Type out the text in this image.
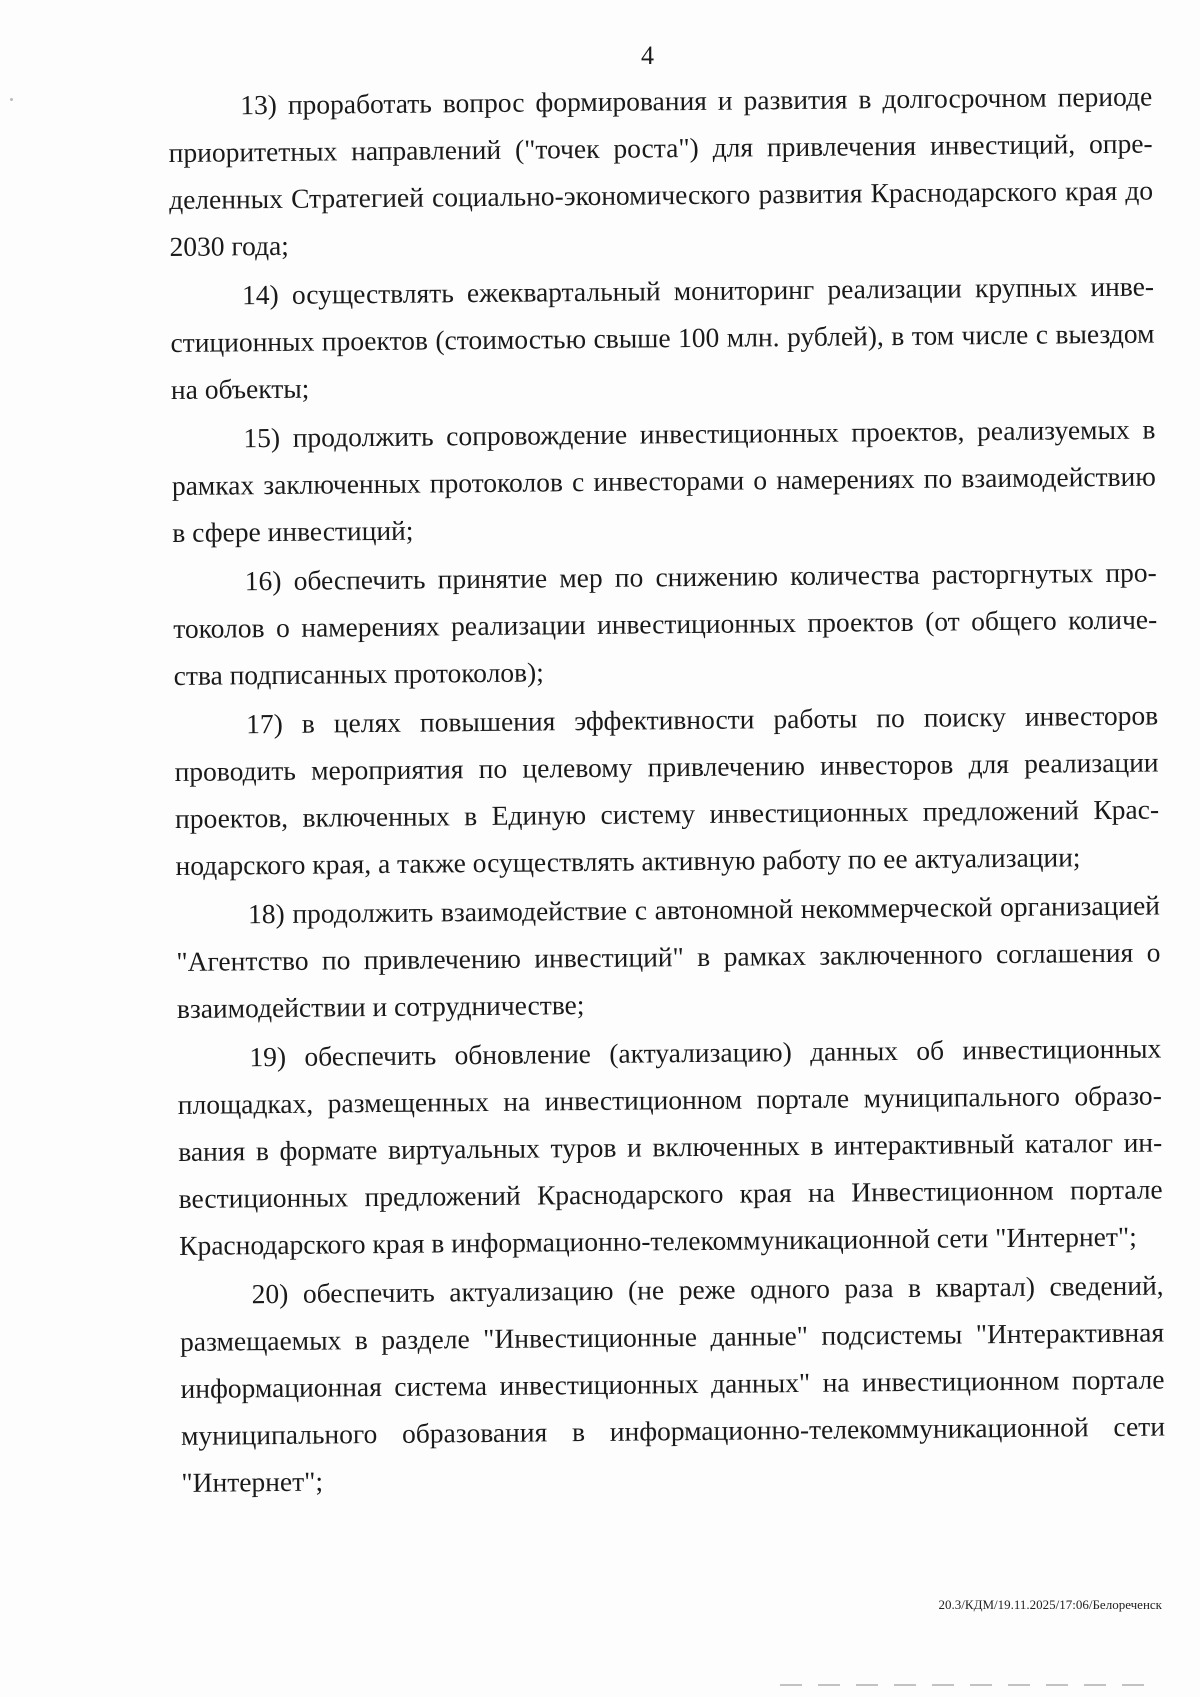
4

13) проработать вопрос формирования и развития в долгосрочном периоде приоритетных направлений ("точек роста") для привлечения инвестиций, определенных Стратегией социально-экономического развития Краснодарского края до 2030 года;

14) осуществлять ежеквартальный мониторинг реализации крупных инвестиционных проектов (стоимостью свыше 100 млн. рублей), в том числе с выездом на объекты;

15) продолжить сопровождение инвестиционных проектов, реализуемых в рамках заключенных протоколов с инвесторами о намерениях по взаимодействию в сфере инвестиций;

16) обеспечить принятие мер по снижению количества расторгнутых протоколов о намерениях реализации инвестиционных проектов (от общего количества подписанных протоколов);

17) в целях повышения эффективности работы по поиску инвесторов проводить мероприятия по целевому привлечению инвесторов для реализации проектов, включенных в Единую систему инвестиционных предложений Краснодарского края, а также осуществлять активную работу по ее актуализации;

18) продолжить взаимодействие с автономной некоммерческой организацией "Агентство по привлечению инвестиций" в рамках заключенного соглашения о взаимодействии и сотрудничестве;

19) обеспечить обновление (актуализацию) данных об инвестиционных площадках, размещенных на инвестиционном портале муниципального образования в формате виртуальных туров и включенных в интерактивный каталог инвестиционных предложений Краснодарского края на Инвестиционном портале Краснодарского края в информационно-телекоммуникационной сети "Интернет";

20) обеспечить актуализацию (не реже одного раза в квартал) сведений, размещаемых в разделе "Инвестиционные данные" подсистемы "Интерактивная информационная система инвестиционных данных" на инвестиционном портале муниципального образования в информационно-телекоммуникационной сети "Интернет";

20.3/КДМ/19.11.2025/17:06/Белореченск
